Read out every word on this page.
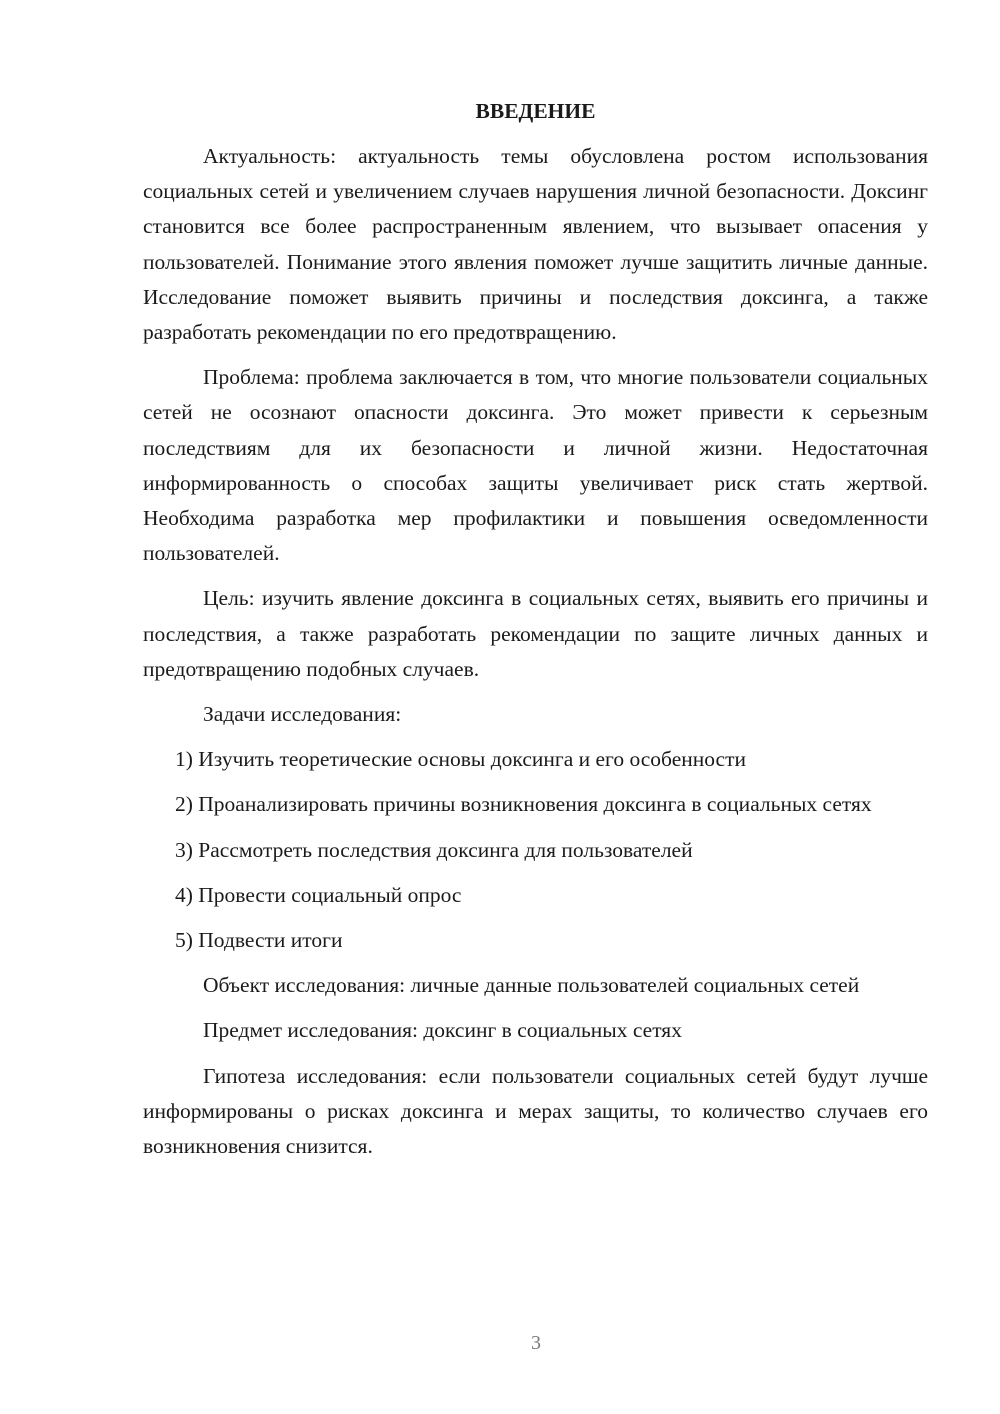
ВВЕДЕНИЕ

Актуальность: актуальность темы обусловлена ростом использования социальных сетей и увеличением случаев нарушения личной безопасности. Доксинг становится все более распространенным явлением, что вызывает опасения у пользователей. Понимание этого явления поможет лучше защитить личные данные. Исследование поможет выявить причины и последствия доксинга, а также разработать рекомендации по его предотвращению.

Проблема: проблема заключается в том, что многие пользователи социальных сетей не осознают опасности доксинга. Это может привести к серьезным последствиям для их безопасности и личной жизни. Недостаточная информированность о способах защиты увеличивает риск стать жертвой. Необходима разработка мер профилактики и повышения осведомленности пользователей.

Цель: изучить явление доксинга в социальных сетях, выявить его причины и последствия, а также разработать рекомендации по защите личных данных и предотвращению подобных случаев.

Задачи исследования:

1) Изучить теоретические основы доксинга и его особенности

2) Проанализировать причины возникновения доксинга в социальных сетях

3) Рассмотреть последствия доксинга для пользователей

4) Провести социальный опрос

5) Подвести итоги

Объект исследования: личные данные пользователей социальных сетей

Предмет исследования: доксинг в социальных сетях

Гипотеза исследования: если пользователи социальных сетей будут лучше информированы о рисках доксинга и мерах защиты, то количество случаев его возникновения снизится.

3
